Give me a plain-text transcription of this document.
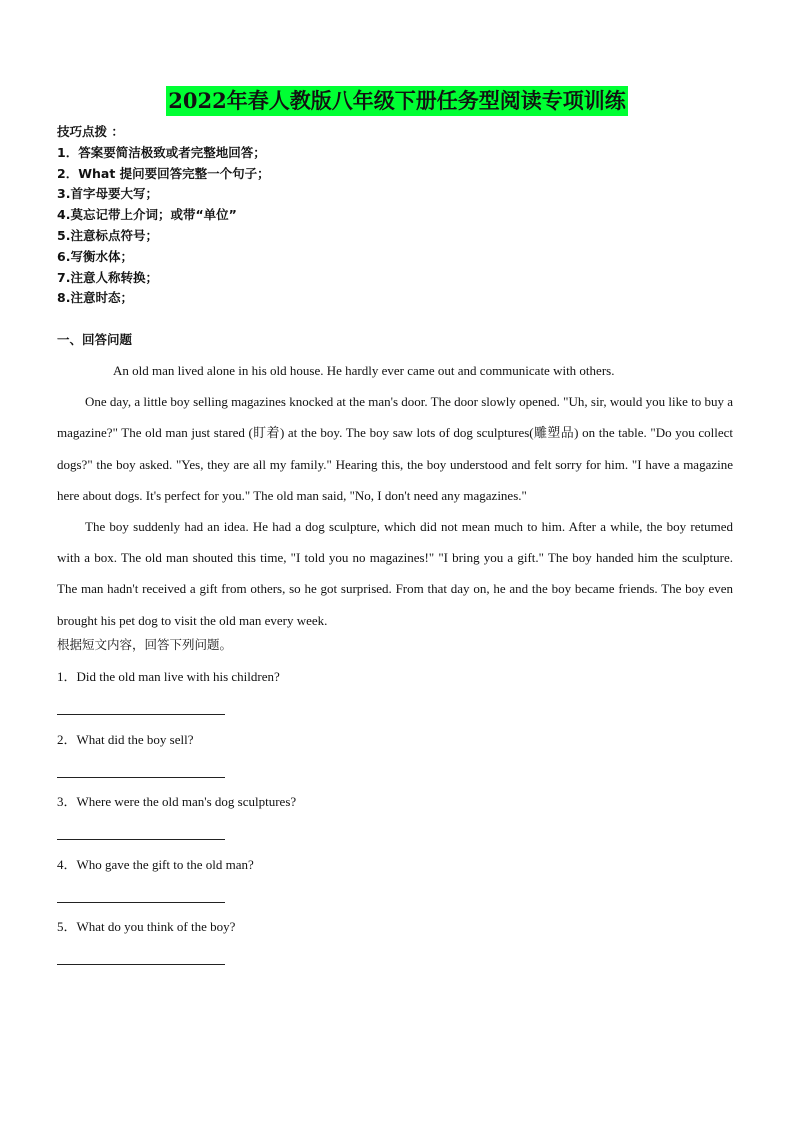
2022年春人教版八年级下册任务型阅读专项训练
技巧点拨 ：
1．答案要简洁极致或者完整地回答；
2．What 提问要回答完整一个句子；
3.首字母要大写；
4.莫忘记带上介词；或带“单位”
5.注意标点符号；
6.写衡水体；
7.注意人称转换；
8.注意时态；
一、回答问题

An old man lived alone in his old house. He hardly ever came out and communicate with others.

One day, a little boy selling magazines knocked at the man's door. The door slowly opened. "Uh, sir, would you like to buy a magazine?" The old man just stared (盯着) at the boy. The boy saw lots of dog sculptures(雕塑品) on the table. "Do you collect dogs?" the boy asked. "Yes, they are all my family." Hearing this, the boy understood and felt sorry for him. "I have a magazine here about dogs. It's perfect for you." The old man said, "No, I don't need any magazines."

The boy suddenly had an idea. He had a dog sculpture, which did not mean much to him. After a while, the boy retumed with a box. The old man shouted this time, "I told you no magazines!" "I bring you a gift." The boy handed him the sculpture. The man hadn't received a gift from others, so he got surprised. From that day on, he and the boy became friends. The boy even brought his pet dog to visit the old man every week.

根据短文内容，回答下列问题。
1．Did the old man live with his children?
2．What did the boy sell?
3．Where were the old man's dog sculptures?
4．Who gave the gift to the old man?
5．What do you think of the boy?
